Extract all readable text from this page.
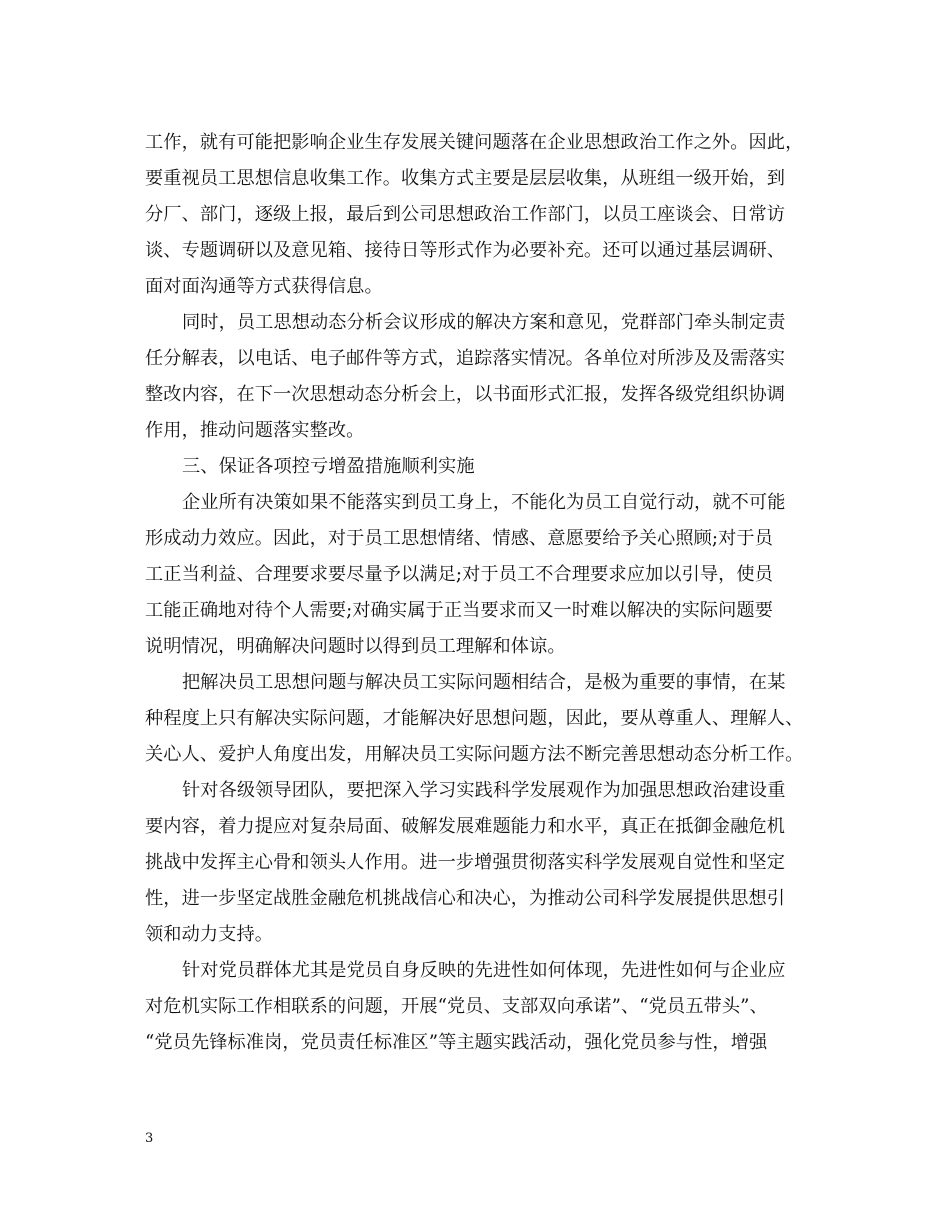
工作，就有可能把影响企业生存发展关键问题落在企业思想政治工作之外。因此，
要重视员工思想信息收集工作。收集方式主要是层层收集，从班组一级开始，到
分厂、部门，逐级上报，最后到公司思想政治工作部门，以员工座谈会、日常访
谈、专题调研以及意见箱、接待日等形式作为必要补充。还可以通过基层调研、
面对面沟通等方式获得信息。
同时，员工思想动态分析会议形成的解决方案和意见，党群部门牵头制定责
任分解表，以电话、电子邮件等方式，追踪落实情况。各单位对所涉及及需落实
整改内容，在下一次思想动态分析会上，以书面形式汇报，发挥各级党组织协调
作用，推动问题落实整改。
三、保证各项控亏增盈措施顺利实施
企业所有决策如果不能落实到员工身上，不能化为员工自觉行动，就不可能
形成动力效应。因此，对于员工思想情绪、情感、意愿要给予关心照顾;对于员
工正当利益、合理要求要尽量予以满足;对于员工不合理要求应加以引导，使员
工能正确地对待个人需要;对确实属于正当要求而又一时难以解决的实际问题要
说明情况，明确解决问题时以得到员工理解和体谅。
把解决员工思想问题与解决员工实际问题相结合，是极为重要的事情，在某
种程度上只有解决实际问题，才能解决好思想问题，因此，要从尊重人、理解人、
关心人、爱护人角度出发，用解决员工实际问题方法不断完善思想动态分析工作。
针对各级领导团队，要把深入学习实践科学发展观作为加强思想政治建设重
要内容，着力提应对复杂局面、破解发展难题能力和水平，真正在抵御金融危机
挑战中发挥主心骨和领头人作用。进一步增强贯彻落实科学发展观自觉性和坚定
性，进一步坚定战胜金融危机挑战信心和决心，为推动公司科学发展提供思想引
领和动力支持。
针对党员群体尤其是党员自身反映的先进性如何体现，先进性如何与企业应
对危机实际工作相联系的问题，开展“党员、支部双向承诺”、“党员五带头”、
“党员先锋标准岗，党员责任标准区”等主题实践活动，强化党员参与性，增强
3
